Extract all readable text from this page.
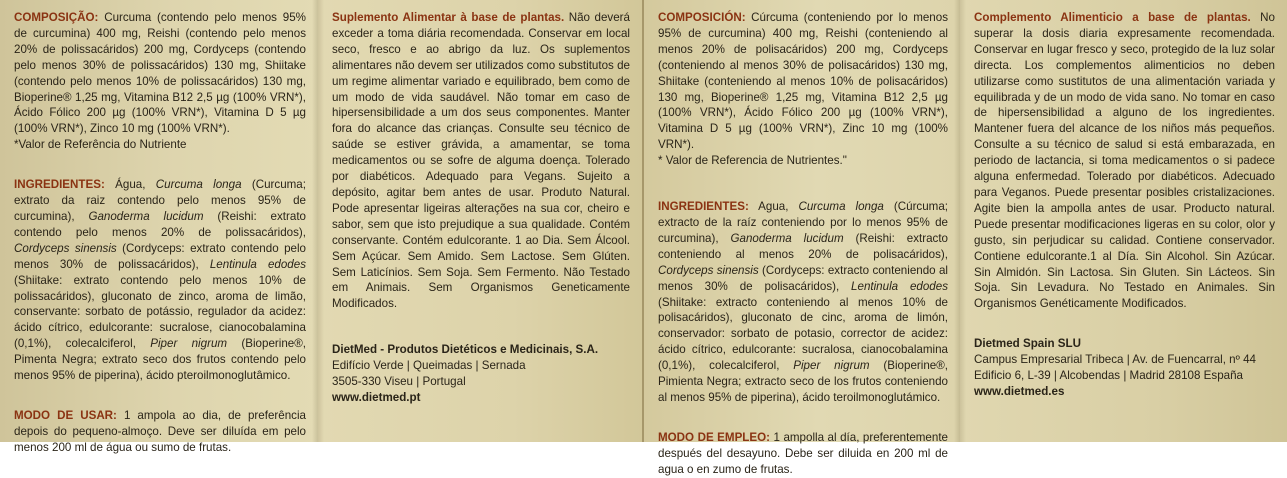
COMPOSIÇÃO: Curcuma (contendo pelo menos 95% de curcumina) 400 mg, Reishi (contendo pelo menos 20% de polissacáridos) 200 mg, Cordyceps (contendo pelo menos 30% de polissacáridos) 130 mg, Shiitake (contendo pelo menos 10% de polissacáridos) 130 mg, Bioperine® 1,25 mg, Vitamina B12 2,5 µg (100% VRN*), Ácido Fólico 200 µg (100% VRN*), Vitamina D 5 µg (100% VRN*), Zinco 10 mg (100% VRN*).

*Valor de Referência do Nutriente

INGREDIENTES: Água, Curcuma longa (Curcuma; extrato da raiz contendo pelo menos 95% de curcumina), Ganoderma lucidum (Reishi: extrato contendo pelo menos 20% de polissacáridos), Cordyceps sinensis (Cordyceps: extrato contendo pelo menos 30% de polissacáridos), Lentinula edodes (Shiitake: extrato contendo pelo menos 10% de polissacáridos), gluconato de zinco, aroma de limão, conservante: sorbato de potássio, regulador da acidez: ácido cítrico, edulcorante: sucralose, cianocobalamina (0,1%), colecalciferol, Piper nigrum (Bioperine®, Pimenta Negra; extrato seco dos frutos contendo pelo menos 95% de piperina), ácido pteroilmonoglutâmico.

MODO DE USAR: 1 ampola ao dia, de preferência depois do pequeno-almoço. Deve ser diluída em pelo menos 200 ml de água ou sumo de frutas.

Suplemento Alimentar à base de plantas. Não deverá exceder a toma diária recomendada. Conservar em local seco, fresco e ao abrigo da luz. Os suplementos alimentares não devem ser utilizados como substitutos de um regime alimentar variado e equilibrado, bem como de um modo de vida saudável. Não tomar em caso de hipersensibilidade a um dos seus componentes. Manter fora do alcance das crianças. Consulte seu técnico de saúde se estiver grávida, a amamentar, se toma medicamentos ou se sofre de alguma doença. Tolerado por diabéticos. Adequado para Vegans. Sujeito a depósito, agitar bem antes de usar. Produto Natural. Pode apresentar ligeiras alterações na sua cor, cheiro e sabor, sem que isto prejudique a sua qualidade. Contém conservante. Contém edulcorante. 1 ao Dia. Sem Álcool. Sem Açúcar. Sem Amido. Sem Lactose. Sem Glúten. Sem Laticínios. Sem Soja. Sem Fermento. Não Testado em Animais. Sem Organismos Geneticamente Modificados.

DietMed - Produtos Dietéticos e Medicinais, S.A.
Edifício Verde | Queimadas | Sernada
3505-330 Viseu | Portugal
www.dietmed.pt

COMPOSICIÓN: Cúrcuma (conteniendo por lo menos 95% de curcumina) 400 mg, Reishi (conteniendo al menos 20% de polisacáridos) 200 mg, Cordyceps (conteniendo al menos 30% de polisacáridos) 130 mg, Shiitake (conteniendo al menos 10% de polisacáridos) 130 mg, Bioperine® 1,25 mg, Vitamina B12 2,5 µg (100% VRN*), Ácido Fólico 200 µg (100% VRN*), Vitamina D 5 µg (100% VRN*), Zinc 10 mg (100% VRN*).

* Valor de Referencia de Nutrientes."

INGREDIENTES: Agua, Curcuma longa (Cúrcuma; extracto de la raíz conteniendo por lo menos 95% de curcumina), Ganoderma lucidum (Reishi: extracto conteniendo al menos 20% de polisacáridos), Cordyceps sinensis (Cordyceps: extracto conteniendo al menos 30% de polisacáridos), Lentinula edodes (Shiitake: extracto conteniendo al menos 10% de polisacáridos), gluconato de cinc, aroma de limón, conservador: sorbato de potasio, corrector de acidez: ácido cítrico, edulcorante: sucralosa, cianocobalamina (0,1%), colecalciferol, Piper nigrum (Bioperine®, Pimienta Negra; extracto seco de los frutos conteniendo al menos 95% de piperina), ácido teroilmonoglutámico.

MODO DE EMPLEO: 1 ampolla al día, preferentemente después del desayuno. Debe ser diluida en 200 ml de agua o en zumo de frutas.

Complemento Alimenticio a base de plantas. No superar la dosis diaria expresamente recomendada. Conservar en lugar fresco y seco, protegido de la luz solar directa. Los complementos alimenticios no deben utilizarse como sustitutos de una alimentación variada y equilibrada y de un modo de vida sano. No tomar en caso de hipersensibilidad a alguno de los ingredientes. Mantener fuera del alcance de los niños más pequeños. Consulte a su técnico de salud si está embarazada, en periodo de lactancia, si toma medicamentos o si padece alguna enfermedad. Tolerado por diabéticos. Adecuado para Veganos. Puede presentar posibles cristalizaciones. Agite bien la ampolla antes de usar. Producto natural. Puede presentar modificaciones ligeras en su color, olor y gusto, sin perjudicar su calidad. Contiene conservador. Contiene edulcorante.1 al Día. Sin Alcohol. Sin Azúcar. Sin Almidón. Sin Lactosa. Sin Gluten. Sin Lácteos. Sin Soja. Sin Levadura. No Testado en Animales. Sin Organismos Genéticamente Modificados.

Dietmed Spain SLU
Campus Empresarial Tribeca | Av. de Fuencarral, nº 44
Edificio 6, L-39 | Alcobendas | Madrid 28108 España
www.dietmed.es
